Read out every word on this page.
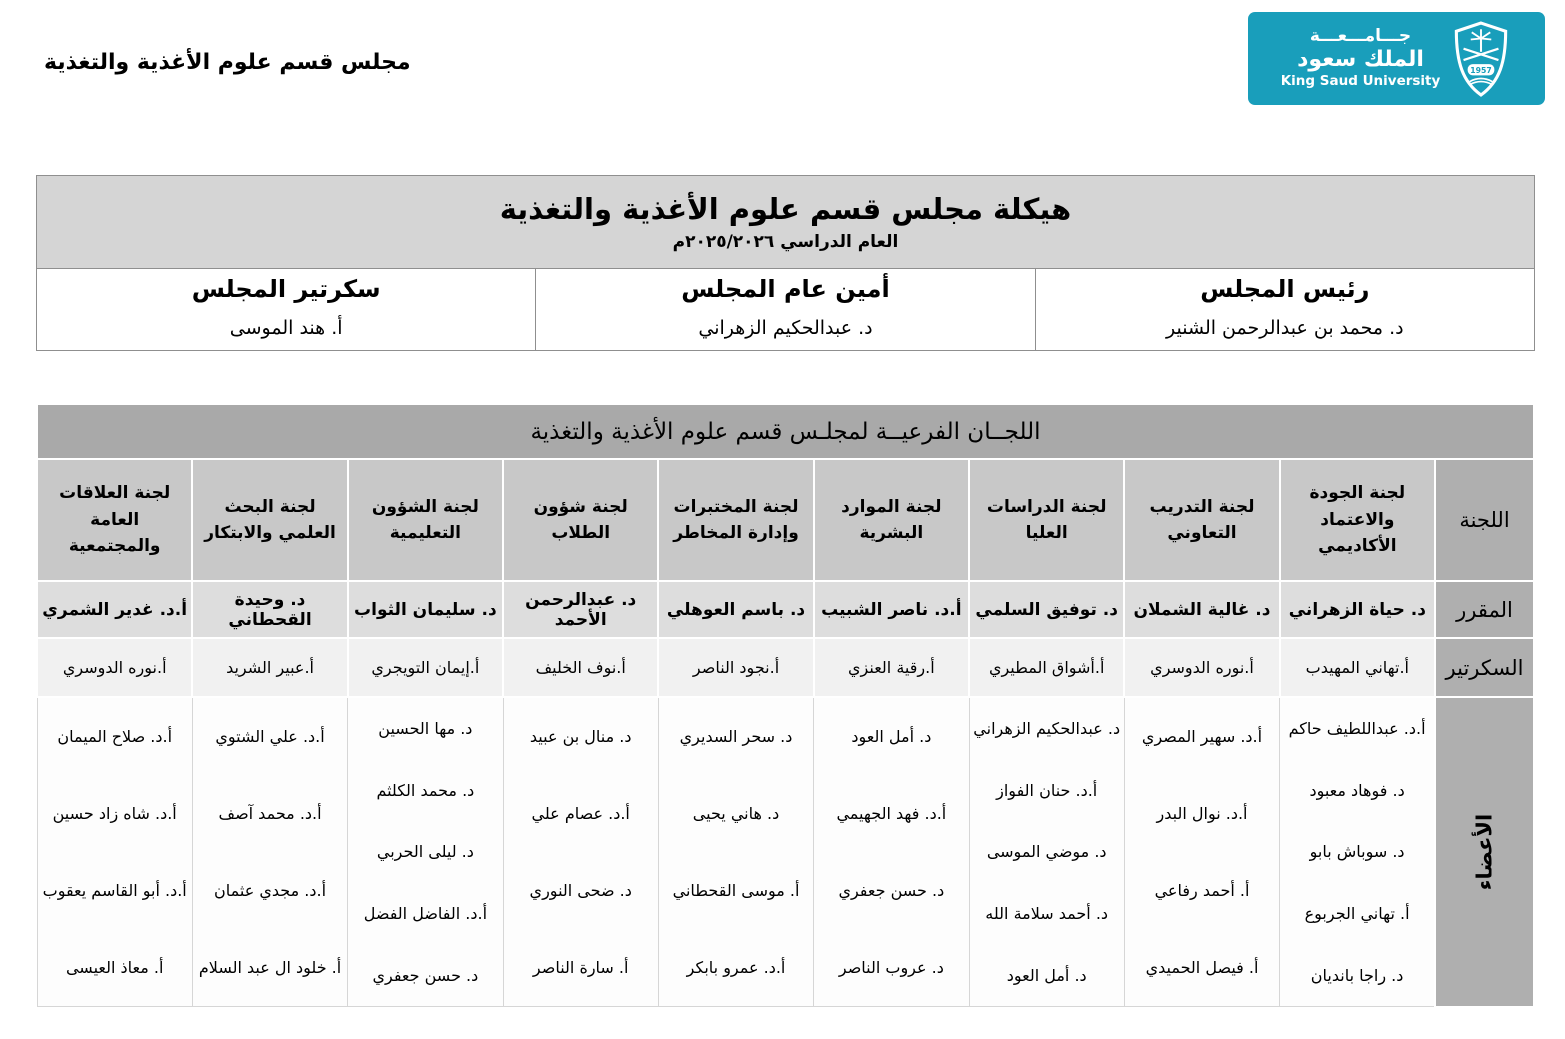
مجلس قسم علوم الأغذية والتغذية	1957
جـــامـــعـــة
الملك سعود
King Saud University
هيكلة مجلس قسم علوم الأغذية والتغذية
العام الدراسي ٢٠٢٥/٢٠٢٦م

رئيس المجلس
د. محمد بن عبدالرحمن الشنير

أمين عام المجلس
د. عبدالحكيم الزهراني

سكرتير المجلس
أ. هند الموسى
اللجــان الفرعيــة لمجلـس قسم علوم الأغذية والتغذية									
اللجنة	لجنة الجودة والاعتماد الأكاديمي	لجنة التدريب التعاوني	لجنة الدراسات العليا	لجنة الموارد البشرية	لجنة المختبرات وإدارة المخاطر	لجنة شؤون الطلاب	لجنة الشؤون التعليمية	لجنة البحث العلمي والابتكار	لجنة العلاقات العامة والمجتمعية
المقرر	د. حياة الزهراني	د. غالية الشملان	د. توفيق السلمي	أ.د. ناصر الشبيب	د. باسم العوهلي	د. عبدالرحمن الأحمد	د. سليمان الثواب	د. وحيدة القحطاني	أ.د. غدير الشمري
السكرتير	أ.تهاني المهيدب	أ.نوره الدوسري	أ.أشواق المطيري	أ.رقية العنزي	أ.نجود الناصر	أ.نوف الخليف	أ.إيمان التويجري	أ.عبير الشريد	أ.نوره الدوسري
الأعضاء	
أ.د. عبداللطيف حاكم
د. فوهاد معبود
د. سوباش بابو
أ. تهاني الجربوع
د. راجا بانديان

أ.د. سهير المصري
أ.د. نوال البدر
أ. أحمد رفاعي
أ. فيصل الحميدي

د. عبدالحكيم الزهراني
أ.د. حنان الفواز
د. موضي الموسى
د. أحمد سلامة الله
د. أمل العود

د. أمل العود
أ.د. فهد الجهيمي
د. حسن جعفري
د. عروب الناصر

د. سحر السديري
د. هاني يحيى
أ. موسى القحطاني
أ.د. عمرو بابكر

د. منال بن عبيد
أ.د. عصام علي
د. ضحى النوري
أ. سارة الناصر

د. مها الحسين
د. محمد الكلثم
د. ليلى الحربي
أ.د. الفاضل الفضل
د. حسن جعفري

أ.د. علي الشتوي
أ.د. محمد آصف
أ.د. مجدي عثمان
أ. خلود ال عبد السلام

أ.د. صلاح الميمان
أ.د. شاه زاد حسين
أ.د. أبو القاسم يعقوب
أ. معاذ العيسى
